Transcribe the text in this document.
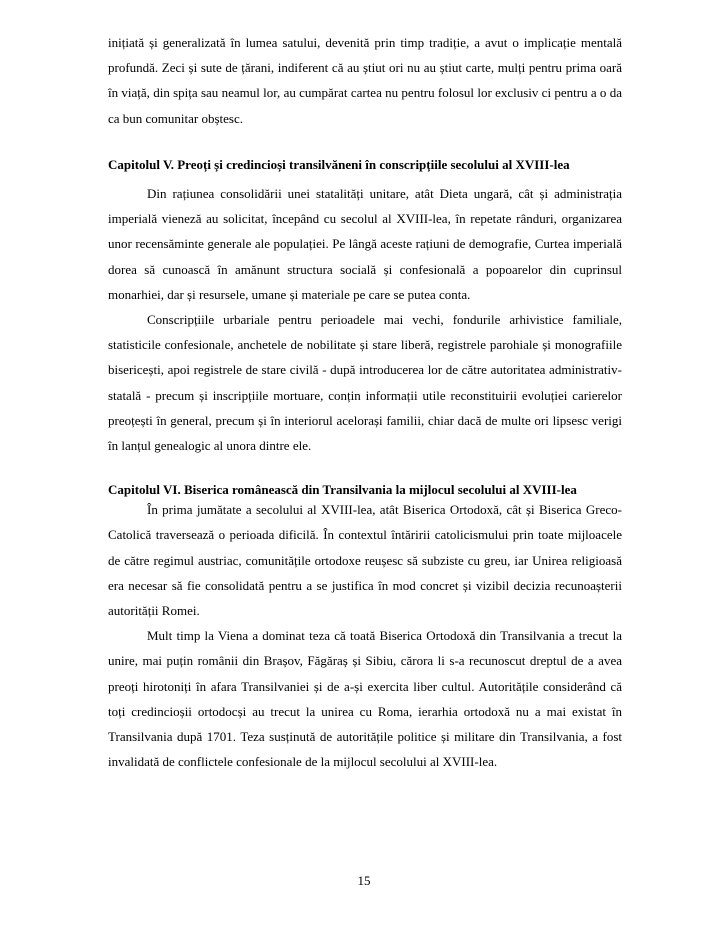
inițiată și generalizată în lumea satului, devenită prin timp tradiție, a avut o implicație mentală profundă. Zeci și sute de țărani, indiferent că au știut ori nu au știut carte, mulți pentru prima oară în viață, din spița sau neamul lor, au cumpărat cartea nu pentru folosul lor exclusiv ci pentru a o da ca bun comunitar obștesc.

Capitolul V. Preoți și credincioși transilvăneni în conscripțiile secolului al XVIII-lea

Din rațiunea consolidării unei statalități unitare, atât Dieta ungară, cât și administrația imperială vieneză au solicitat, începând cu secolul al XVIII-lea, în repetate rânduri, organizarea unor recensăminte generale ale populației. Pe lângă aceste rațiuni de demografie, Curtea imperială dorea să cunoască în amănunt structura socială și confesională a popoarelor din cuprinsul monarhiei, dar și resursele, umane și materiale pe care se putea conta.

Conscripțiile urbariale pentru perioadele mai vechi, fondurile arhivistice familiale, statisticile confesionale, anchetele de nobilitate și stare liberă, registrele parohiale și monografiile bisericești, apoi registrele de stare civilă - după introducerea lor de către autoritatea administrativ-statală - precum și inscripțiile mortuare, conțin informații utile reconstituirii evoluției carierelor preoțești în general, precum și în interiorul acelorași familii, chiar dacă de multe ori lipsesc verigi în lanțul genealogic al unora dintre ele.

Capitolul VI. Biserica românească din Transilvania la mijlocul secolului al XVIII-lea

În prima jumătate a secolului al XVIII-lea, atât Biserica Ortodoxă, cât și Biserica Greco-Catolică traversează o perioada dificilă. În contextul întăririi catolicismului prin toate mijloacele de către regimul austriac, comunitățile ortodoxe reușesc să subziste cu greu, iar Unirea religioasă era necesar să fie consolidată pentru a se justifica în mod concret și vizibil decizia recunoașterii autorității Romei.

Mult timp la Viena a dominat teza că toată Biserica Ortodoxă din Transilvania a trecut la unire, mai puțin românii din Brașov, Făgăraș și Sibiu, cărora li s-a recunoscut dreptul de a avea preoți hirotoniți în afara Transilvaniei și de a-și exercita liber cultul. Autoritățile considerând că toți credincioșii ortodocși au trecut la unirea cu Roma, ierarhia ortodoxă nu a mai existat în Transilvania după 1701. Teza susținută de autoritățile politice și militare din Transilvania, a fost invalidată de conflictele confesionale de la mijlocul secolului al XVIII-lea.

15
